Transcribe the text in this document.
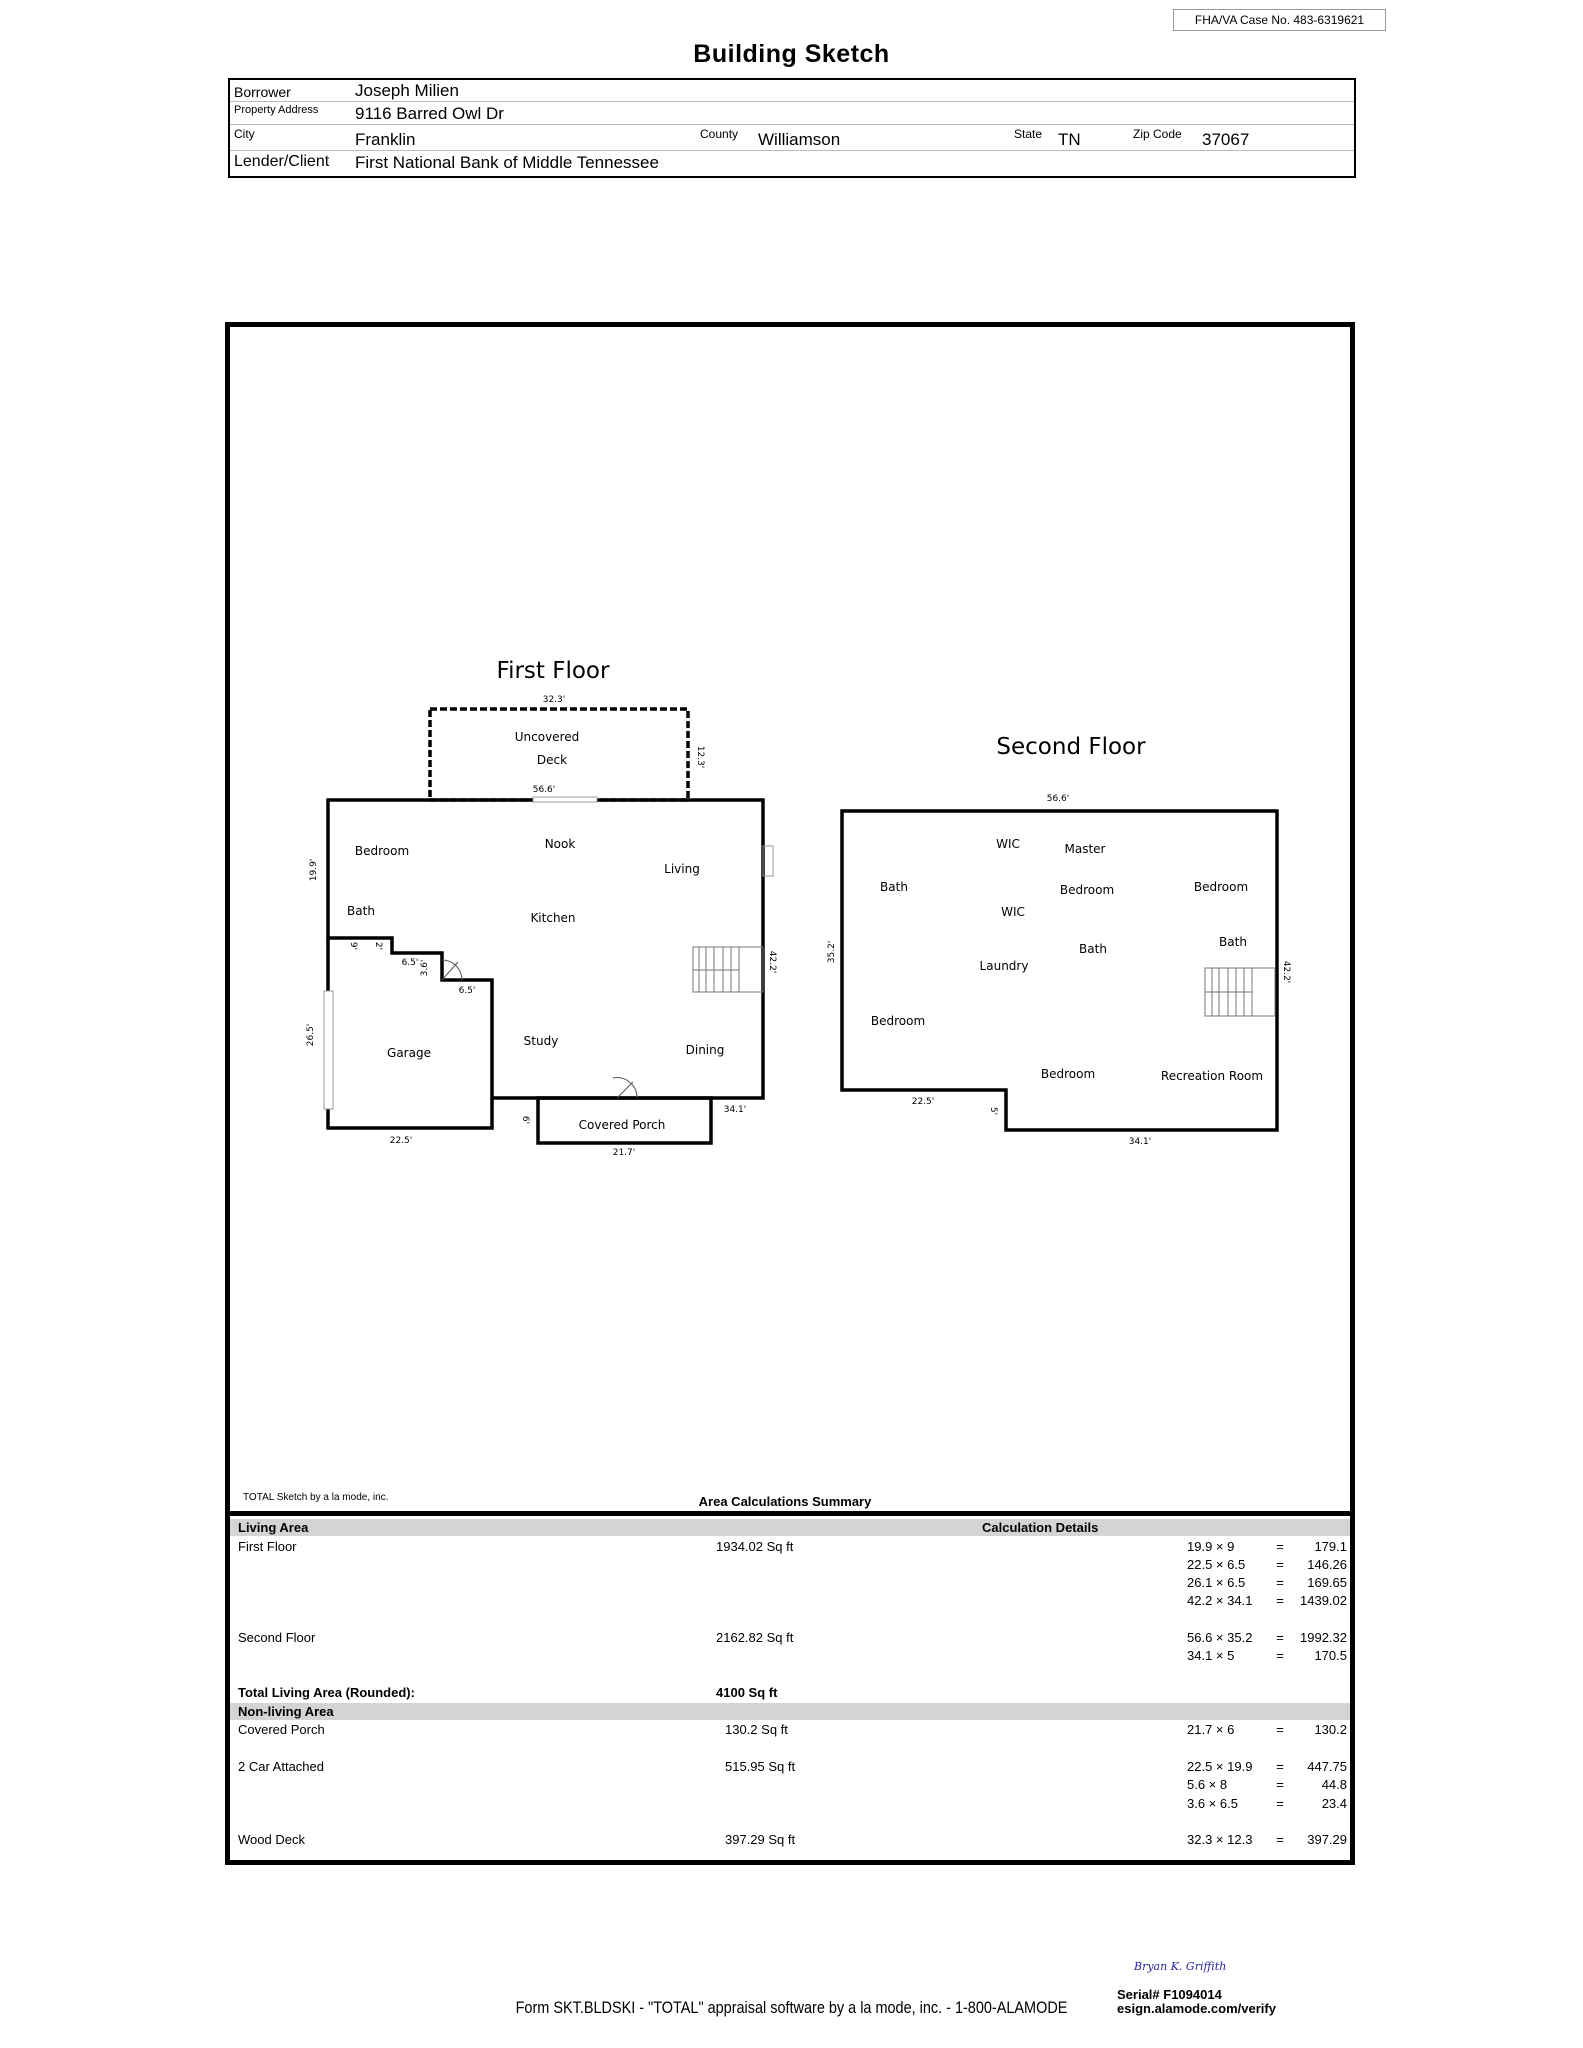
FHA/VA Case No. 483-6319621
Building Sketch
Borrower	Joseph Milien
Property Address 9116 Barred Owl Dr
City	Franklin	County Williamson	State TN	Zip Code 37067
Lender/Client First National Bank of Middle Tennessee
First Floor
Uncovered
Deck
Bedroom	Nook
Living
Bath	Kitchen
Study
Dining
Garage
Covered Porch
32.3'
12.3'
56.6'
19.9'
42.2'
9' 2'
6.5' 3.6'
6.5'
26.5'
22.5'
6'
34.1'
21.7'
Second Floor
WIC	Master
Bath	Bedroom	Bedroom
WIC
Bath	Bath
Laundry
Bedroom
Bedroom	Recreation Room
56.6'
35.2'
42.2'
22.5'
5'
34.1'
TOTAL Sketch by a la mode, inc.	Area Calculations Summary
Living Area	Calculation Details
First Floor	1934.02 Sq ft	19.9 × 9	=	179.1
22.5 × 6.5	=	146.26
26.1 × 6.5	=	169.65
42.2 × 34.1	=	1439.02
Second Floor	2162.82 Sq ft	56.6 × 35.2	=	1992.32
34.1 × 5	=	170.5
Total Living Area (Rounded):	4100 Sq ft
Non-living Area
Covered Porch	130.2 Sq ft	21.7 × 6	=	130.2
2 Car Attached	515.95 Sq ft	22.5 × 19.9	=	447.75
5.6 × 8	=	44.8
3.6 × 6.5	=	23.4
Wood Deck	397.29 Sq ft	32.3 × 12.3	=	397.29
Bryan K. Griffith
Serial# F1094014
esign.alamode.com/verify
Form SKT.BLDSKI - "TOTAL" appraisal software by a la mode, inc. - 1-800-ALAMODE
